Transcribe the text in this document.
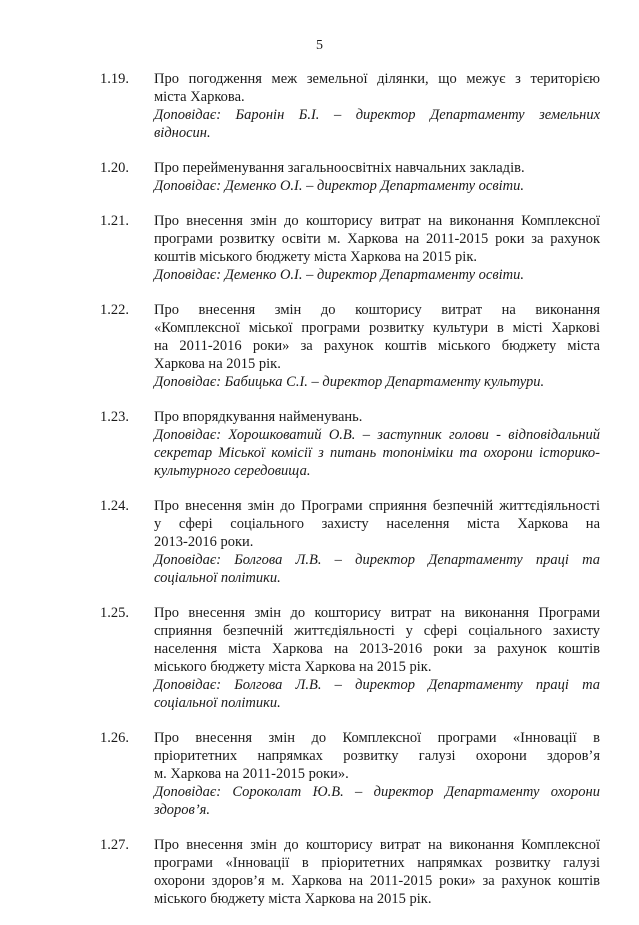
5
1.19. Про погодження меж земельної ділянки, що межує з територією
міста Харкова.
Доповідає: Баронін Б.І. – директор Департаменту земельних
відносин.
1.20. Про перейменування загальноосвітніх навчальних закладів.
Доповідає: Деменко О.І. – директор Департаменту освіти.
1.21. Про внесення змін до кошторису витрат на виконання Комплексної
програми розвитку освіти м. Харкова на 2011-2015 роки за рахунок
коштів міського бюджету міста Харкова на 2015 рік.
Доповідає: Деменко О.І. – директор Департаменту освіти.
1.22. Про внесення змін до кошторису витрат на виконання
«Комплексної міської програми розвитку культури в місті Харкові
на 2011-2016 роки» за рахунок коштів міського бюджету міста
Харкова на 2015 рік.
Доповідає: Бабицька С.І. – директор Департаменту культури.
1.23. Про впорядкування найменувань.
Доповідає: Хорошковатий О.В. – заступник голови - відповідальний
секретар Міської комісії з питань топоніміки та охорони історико-
культурного середовища.
1.24. Про внесення змін до Програми сприяння безпечній життєдіяльності
у сфері соціального захисту населення міста Харкова на
2013-2016 роки.
Доповідає: Болгова Л.В. – директор Департаменту праці та
соціальної політики.
1.25. Про внесення змін до кошторису витрат на виконання Програми
сприяння безпечній життєдіяльності у сфері соціального захисту
населення міста Харкова на 2013-2016 роки за рахунок коштів
міського бюджету міста Харкова на 2015 рік.
Доповідає: Болгова Л.В. – директор Департаменту праці та
соціальної політики.
1.26. Про внесення змін до Комплексної програми «Інновації в
пріоритетних напрямках розвитку галузі охорони здоров’я
м. Харкова на 2011-2015 роки».
Доповідає: Сороколат Ю.В. – директор Департаменту охорони
здоров’я.
1.27. Про внесення змін до кошторису витрат на виконання Комплексної
програми «Інновації в пріоритетних напрямках розвитку галузі
охорони здоров’я м. Харкова на 2011-2015 роки» за рахунок коштів
міського бюджету міста Харкова на 2015 рік.
